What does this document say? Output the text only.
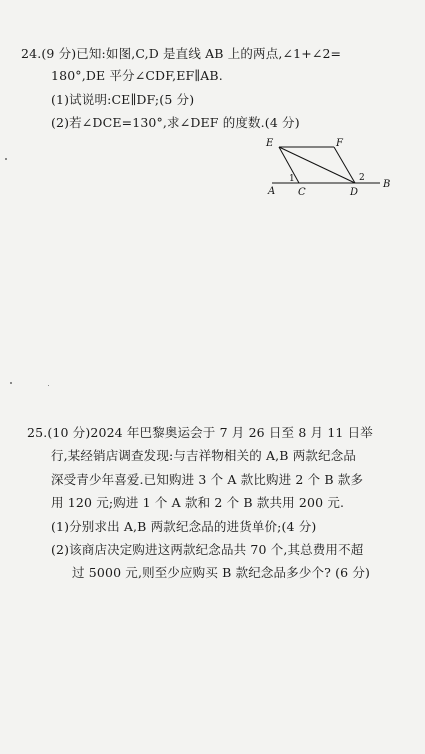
24.(9 分)已知:如图,C,D 是直线 AB 上的两点,∠1+∠2=
180°,DE 平分∠CDF,EF∥AB.
(1)试说明:CE∥DF;(5 分)
(2)若∠DCE=130°,求∠DEF 的度数.(4 分)
E	F
A C	D
B
1	2
25.(10 分)2024 年巴黎奥运会于 7 月 26 日至 8 月 11 日举
行,某经销店调查发现:与吉祥物相关的 A,B 两款纪念品
深受青少年喜爱.已知购进 3 个 A 款比购进 2 个 B 款多
用 120 元;购进 1 个 A 款和 2 个 B 款共用 200 元.
(1)分别求出 A,B 两款纪念品的进货单价;(4 分)
(2)该商店决定购进这两款纪念品共 70 个,其总费用不超
过 5000 元,则至少应购买 B 款纪念品多少个? (6 分)
